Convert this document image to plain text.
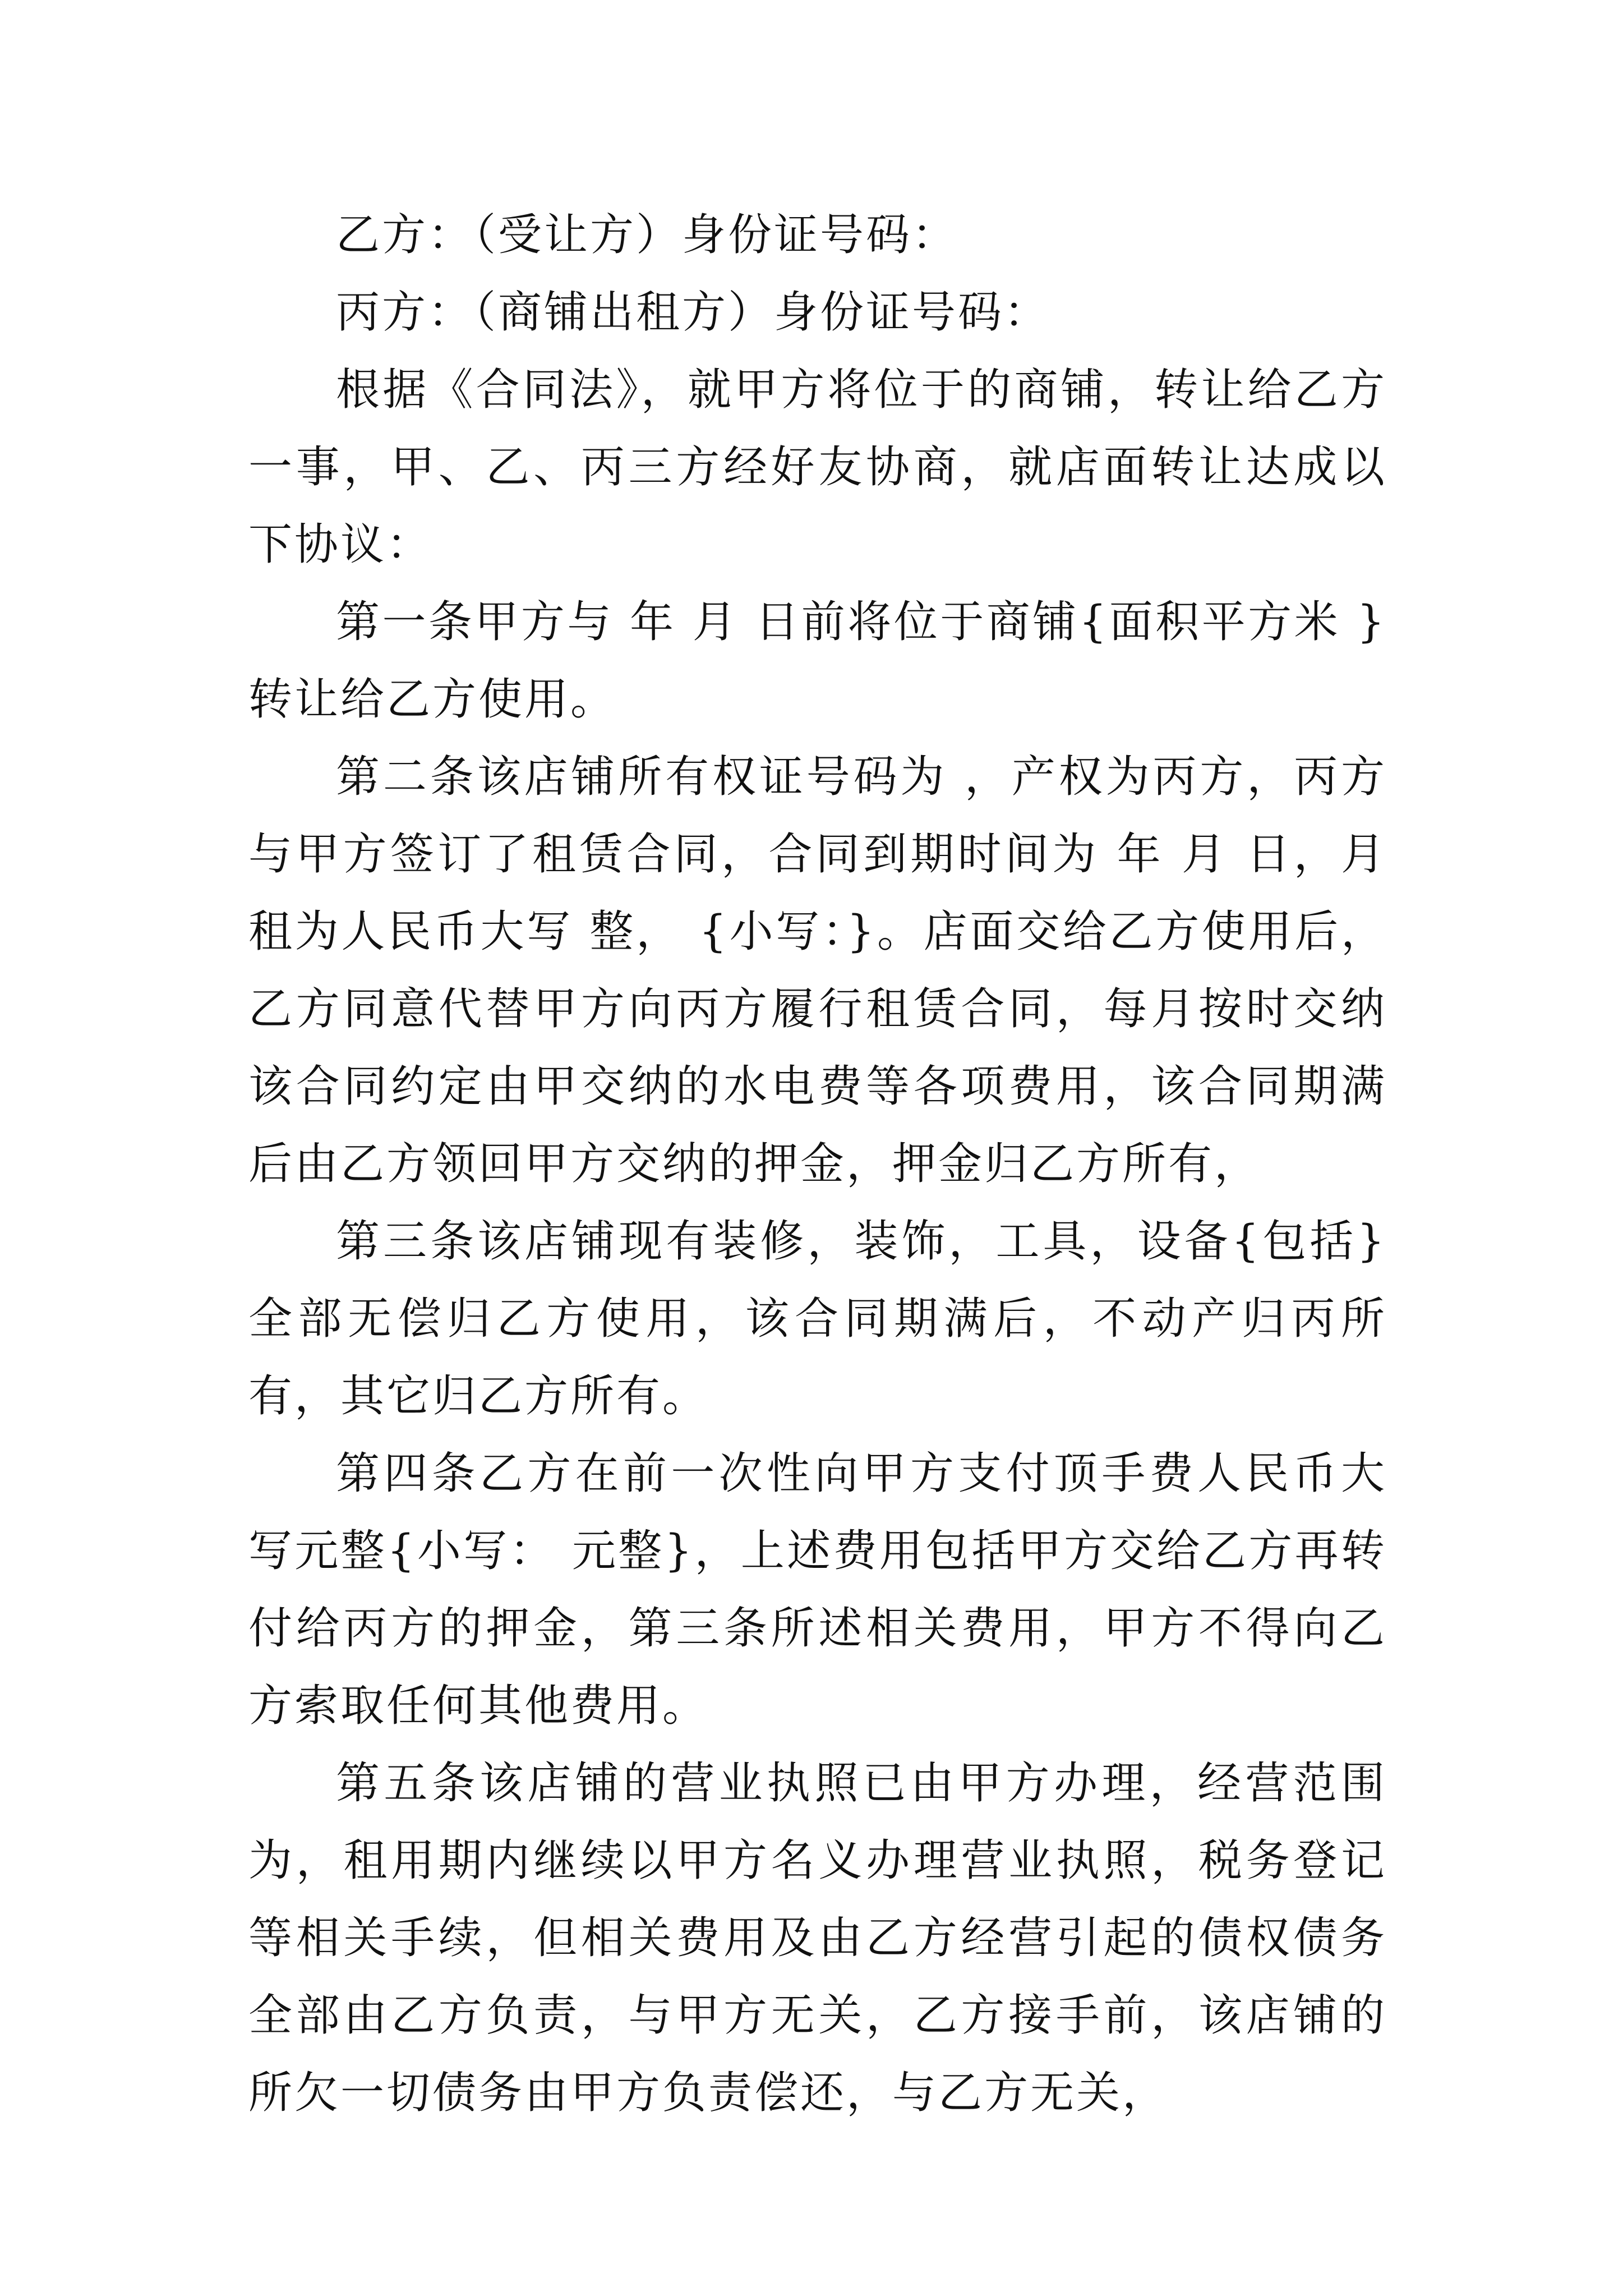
乙方：（受让方）身份证号码：

丙方：（商铺出租方）身份证号码：

根据《合同法》，就甲方将位于的商铺，转让给乙方一事，甲、乙、丙三方经好友协商，就店面转让达成以下协议：

第一条甲方与 年 月 日前将位于商铺{面积平方米 }转让给乙方使用。

第二条该店铺所有权证号码为 ，产权为丙方，丙方与甲方签订了租赁合同，合同到期时间为 年 月 日，月租为人民币大写 整， {小写：}。店面交给乙方使用后，乙方同意代替甲方向丙方履行租赁合同，每月按时交纳该合同约定由甲交纳的水电费等各项费用，该合同期满后由乙方领回甲方交纳的押金，押金归乙方所有，

第三条该店铺现有装修，装饰，工具，设备{包括}全部无偿归乙方使用，该合同期满后，不动产归丙所有，其它归乙方所有。

第四条乙方在前一次性向甲方支付顶手费人民币大写元整{小写： 元整}，上述费用包括甲方交给乙方再转付给丙方的押金，第三条所述相关费用，甲方不得向乙方索取任何其他费用。

第五条该店铺的营业执照已由甲方办理，经营范围为，租用期内继续以甲方名义办理营业执照，税务登记等相关手续，但相关费用及由乙方经营引起的债权债务全部由乙方负责，与甲方无关，乙方接手前，该店铺的所欠一切债务由甲方负责偿还，与乙方无关，
